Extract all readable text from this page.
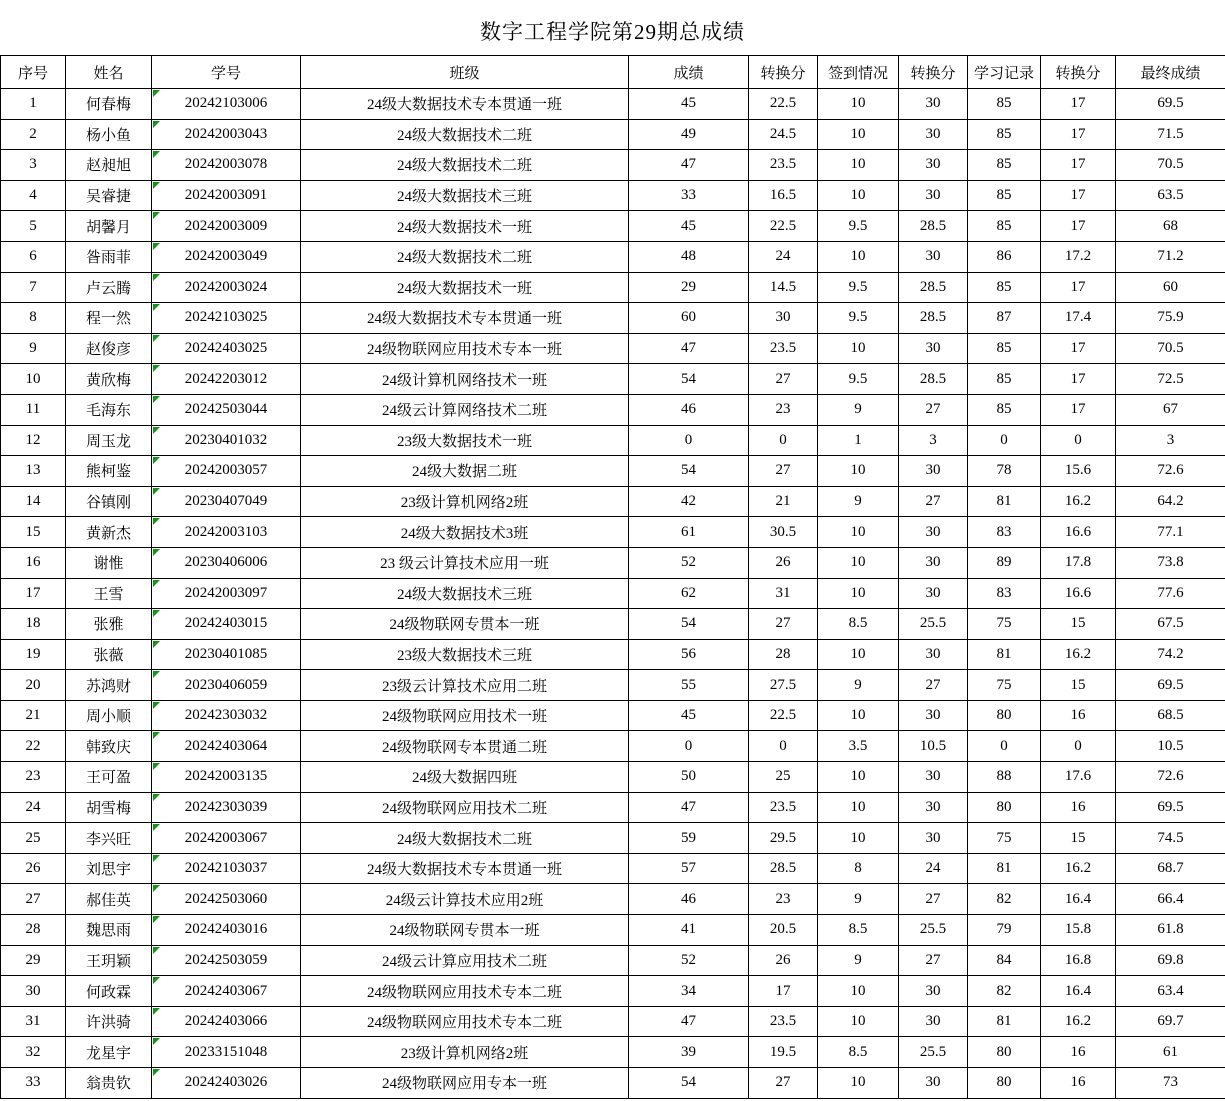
数字工程学院第29期总成绩
序号	姓名	学号	班级	成绩	转换分	签到情况	转换分	学习记录	转换分	最终成绩
1	何春梅	20242103006	24级大数据技术专本贯通一班	45	22.5	10	30	85	17	69.5
2	杨小鱼	20242003043	24级大数据技术二班	49	24.5	10	30	85	17	71.5
3	赵昶旭	20242003078	24级大数据技术二班	47	23.5	10	30	85	17	70.5
4	吴睿捷	20242003091	24级大数据技术三班	33	16.5	10	30	85	17	63.5
5	胡馨月	20242003009	24级大数据技术一班	45	22.5	9.5	28.5	85	17	68
6	昝雨菲	20242003049	24级大数据技术二班	48	24	10	30	86	17.2	71.2
7	卢云腾	20242003024	24级大数据技术一班	29	14.5	9.5	28.5	85	17	60
8	程一然	20242103025	24级大数据技术专本贯通一班	60	30	9.5	28.5	87	17.4	75.9
9	赵俊彦	20242403025	24级物联网应用技术专本一班	47	23.5	10	30	85	17	70.5
10	黄欣梅	20242203012	24级计算机网络技术一班	54	27	9.5	28.5	85	17	72.5
11	毛海东	20242503044	24级云计算网络技术二班	46	23	9	27	85	17	67
12	周玉龙	20230401032	23级大数据技术一班	0	0	1	3	0	0	3
13	熊柯鉴	20242003057	24级大数据二班	54	27	10	30	78	15.6	72.6
14	谷镇刚	20230407049	23级计算机网络2班	42	21	9	27	81	16.2	64.2
15	黄新杰	20242003103	24级大数据技术3班	61	30.5	10	30	83	16.6	77.1
16	谢惟	20230406006	23 级云计算技术应用一班	52	26	10	30	89	17.8	73.8
17	王雪	20242003097	24级大数据技术三班	62	31	10	30	83	16.6	77.6
18	张雅	20242403015	24级物联网专贯本一班	54	27	8.5	25.5	75	15	67.5
19	张薇	20230401085	23级大数据技术三班	56	28	10	30	81	16.2	74.2
20	苏鸿财	20230406059	23级云计算技术应用二班	55	27.5	9	27	75	15	69.5
21	周小顺	20242303032	24级物联网应用技术一班	45	22.5	10	30	80	16	68.5
22	韩致庆	20242403064	24级物联网专本贯通二班	0	0	3.5	10.5	0	0	10.5
23	王可盈	20242003135	24级大数据四班	50	25	10	30	88	17.6	72.6
24	胡雪梅	20242303039	24级物联网应用技术二班	47	23.5	10	30	80	16	69.5
25	李兴旺	20242003067	24级大数据技术二班	59	29.5	10	30	75	15	74.5
26	刘思宇	20242103037	24级大数据技术专本贯通一班	57	28.5	8	24	81	16.2	68.7
27	郝佳英	20242503060	24级云计算技术应用2班	46	23	9	27	82	16.4	66.4
28	魏思雨	20242403016	24级物联网专贯本一班	41	20.5	8.5	25.5	79	15.8	61.8
29	王玥颖	20242503059	24级云计算应用技术二班	52	26	9	27	84	16.8	69.8
30	何政霖	20242403067	24级物联网应用技术专本二班	34	17	10	30	82	16.4	63.4
31	许洪骑	20242403066	24级物联网应用技术专本二班	47	23.5	10	30	81	16.2	69.7
32	龙星宇	20233151048	23级计算机网络2班	39	19.5	8.5	25.5	80	16	61
33	翁贵钦	20242403026	24级物联网应用专本一班	54	27	10	30	80	16	73
